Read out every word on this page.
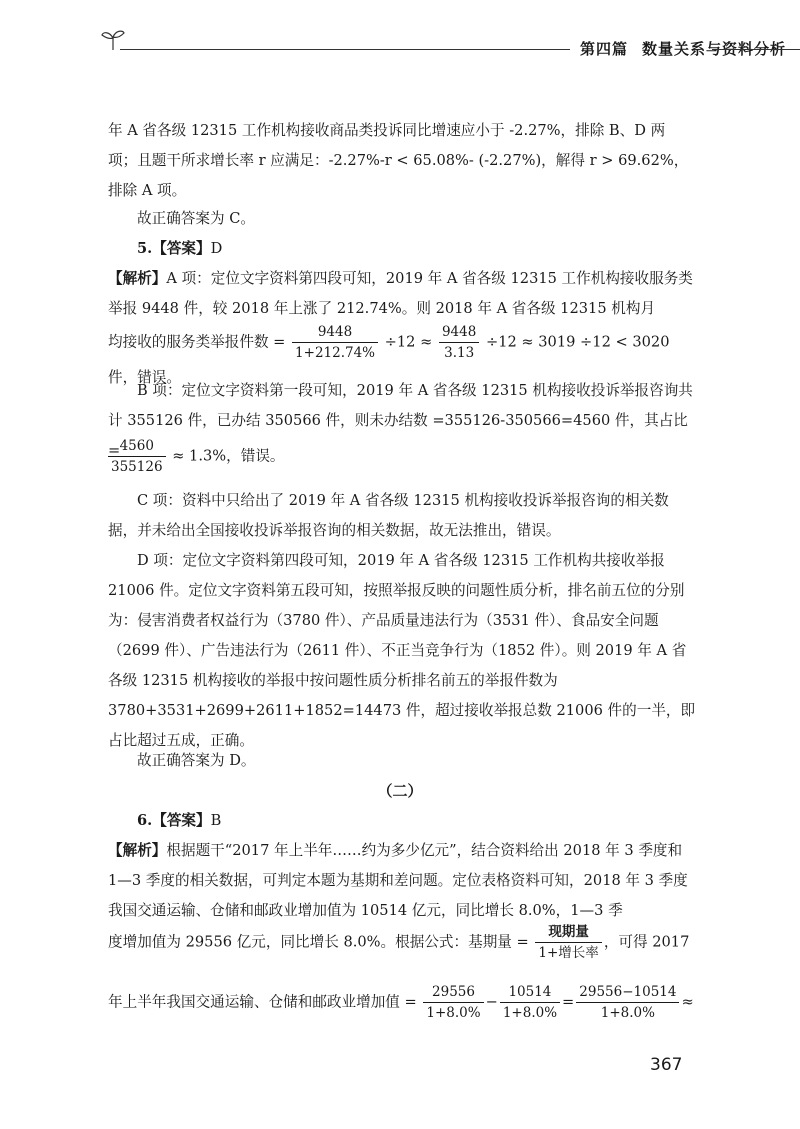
第四篇 数量关系与资料分析

年 A 省各级 12315 工作机构接收商品类投诉同比增速应小于 -2.27%，排除 B、D 两
项；且题干所求增长率 r 应满足：-2.27%-r < 65.08%- (-2.27%)，解得 r > 69.62%，
排除 A 项。

故正确答案为 C。

5.【答案】D

【解析】A 项：定位文字资料第四段可知，2019 年 A 省各级 12315 工作机构接收服务类举报 9448 件，较 2018 年上涨了 212.74%。则 2018 年 A 省各级 12315 机构月

均接收的服务类举报件数 = $\frac{9448}{1+212.74\%} \div 12 \approx \frac{9448}{3.13} \div 12 \approx 3019 \div 12 < 3020$件，错误。

B 项：定位文字资料第一段可知，2019 年 A 省各级 12315 机构接收投诉举报咨询共计 355126 件，已办结 350566 件，则未办结数 =355126-350566=4560 件，其占比 =

$\frac{4560}{355126} \approx 1.3\%$，错误。

C 项：资料中只给出了 2019 年 A 省各级 12315 机构接收投诉举报咨询的相关数据，并未给出全国接收投诉举报咨询的相关数据，故无法推出，错误。

D 项：定位文字资料第四段可知，2019 年 A 省各级 12315 工作机构共接收举报 21006 件。定位文字资料第五段可知，按照举报反映的问题性质分析，排名前五位的分别为：侵害消费者权益行为（3780 件）、产品质量违法行为（3531 件）、食品安全问题（2699 件）、广告违法行为（2611 件）、不正当竞争行为（1852 件）。则 2019 年 A 省各级 12315 机构接收的举报中按问题性质分析排名前五的举报件数为 3780+3531+2699+2611+1852=14473 件，超过接收举报总数 21006 件的一半，即占比超过五成，正确。

故正确答案为 D。

（二）

6.【答案】B

【解析】根据题干“2017 年上半年……约为多少亿元”，结合资料给出 2018 年 3 季度和 1—3 季度的相关数据，可判定本题为基期和差问题。定位表格资料可知，2018 年 3 季度我国交通运输、仓储和邮政业增加值为 10514 亿元，同比增长 8.0%，1—3 季

度增加值为 29556 亿元，同比增长 8.0%。根据公式：基期量 = $\frac{\text{现期量}}{\text{1+增长率}}$ ，可得 2017

年上半年我国交通运输、仓储和邮政业增加值 = $\frac{29556}{1+8.0\%} - \frac{10514}{1+8.0\%} = \frac{29556-10514}{1+8.0\%}$ ≈

367
